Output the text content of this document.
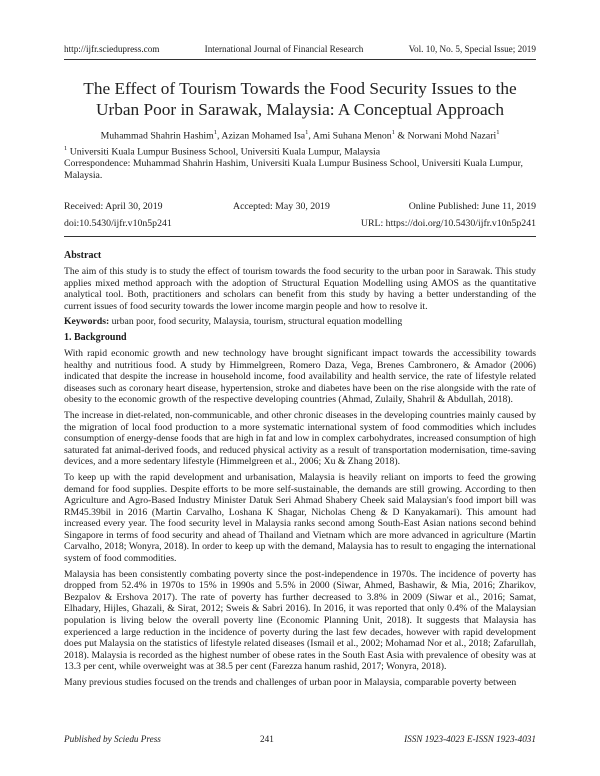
http://ijfr.sciedupress.com	International Journal of Financial Research	Vol. 10, No. 5, Special Issue; 2019
The Effect of Tourism Towards the Food Security Issues to the Urban Poor in Sarawak, Malaysia: A Conceptual Approach
Muhammad Shahrin Hashim$^1$, Azizan Mohamed Isa$^1$, Ami Suhana Menon$^1$ & Norwani Mohd Nazari$^1$
$^1$ Universiti Kuala Lumpur Business School, Universiti Kuala Lumpur, Malaysia
Correspondence: Muhammad Shahrin Hashim, Universiti Kuala Lumpur Business School, Universiti Kuala Lumpur, Malaysia.
Received: April 30, 2019	Accepted: May 30, 2019	Online Published: June 11, 2019
doi:10.5430/ijfr.v10n5p241	URL: https://doi.org/10.5430/ijfr.v10n5p241
Abstract

The aim of this study is to study the effect of tourism towards the food security to the urban poor in Sarawak. This study applies mixed method approach with the adoption of Structural Equation Modelling using AMOS as the quantitative analytical tool. Both, practitioners and scholars can benefit from this study by having a better understanding of the current issues of food security towards the lower income margin people and how to resolve it.

Keywords: urban poor, food security, Malaysia, tourism, structural equation modelling

1. Background

With rapid economic growth and new technology have brought significant impact towards the accessibility towards healthy and nutritious food. A study by Himmelgreen, Romero Daza, Vega, Brenes Cambronero, & Amador (2006) indicated that despite the increase in household income, food availability and health service, the rate of lifestyle related diseases such as coronary heart disease, hypertension, stroke and diabetes have been on the rise alongside with the rate of obesity to the economic growth of the respective developing countries (Ahmad, Zulaily, Shahril & Abdullah, 2018).

The increase in diet-related, non-communicable, and other chronic diseases in the developing countries mainly caused by the migration of local food production to a more systematic international system of food commodities which includes consumption of energy-dense foods that are high in fat and low in complex carbohydrates, increased consumption of high saturated fat animal-derived foods, and reduced physical activity as a result of transportation modernisation, time-saving devices, and a more sedentary lifestyle (Himmelgreen et al., 2006; Xu & Zhang 2018).

To keep up with the rapid development and urbanisation, Malaysia is heavily reliant on imports to feed the growing demand for food supplies. Despite efforts to be more self-sustainable, the demands are still growing. According to then Agriculture and Agro-Based Industry Minister Datuk Seri Ahmad Shabery Cheek said Malaysian's food import bill was RM45.39bil in 2016 (Martin Carvalho, Loshana K Shagar, Nicholas Cheng & D Kanyakamari). This amount had increased every year. The food security level in Malaysia ranks second among South-East Asian nations second behind Singapore in terms of food security and ahead of Thailand and Vietnam which are more advanced in agriculture (Martin Carvalho, 2018; Wonyra, 2018). In order to keep up with the demand, Malaysia has to result to engaging the international system of food commodities.

Malaysia has been consistently combating poverty since the post-independence in 1970s. The incidence of poverty has dropped from 52.4% in 1970s to 15% in 1990s and 5.5% in 2000 (Siwar, Ahmed, Bashawir, & Mia, 2016; Zharikov, Bezpalov & Ershova 2017). The rate of poverty has further decreased to 3.8% in 2009 (Siwar et al., 2016; Samat, Elhadary, Hijles, Ghazali, & Sirat, 2012; Sweis & Sabri 2016). In 2016, it was reported that only 0.4% of the Malaysian population is living below the overall poverty line (Economic Planning Unit, 2018). It suggests that Malaysia has experienced a large reduction in the incidence of poverty during the last few decades, however with rapid development does put Malaysia on the statistics of lifestyle related diseases (Ismail et al., 2002; Mohamad Nor et al., 2018; Zafarullah, 2018). Malaysia is recorded as the highest number of obese rates in the South East Asia with prevalence of obesity was at 13.3 per cent, while overweight was at 38.5 per cent (Farezza hanum rashid, 2017; Wonyra, 2018).

Many previous studies focused on the trends and challenges of urban poor in Malaysia, comparable poverty between

Published by Sciedu Press	241	ISSN 1923-4023 E-ISSN 1923-4031
